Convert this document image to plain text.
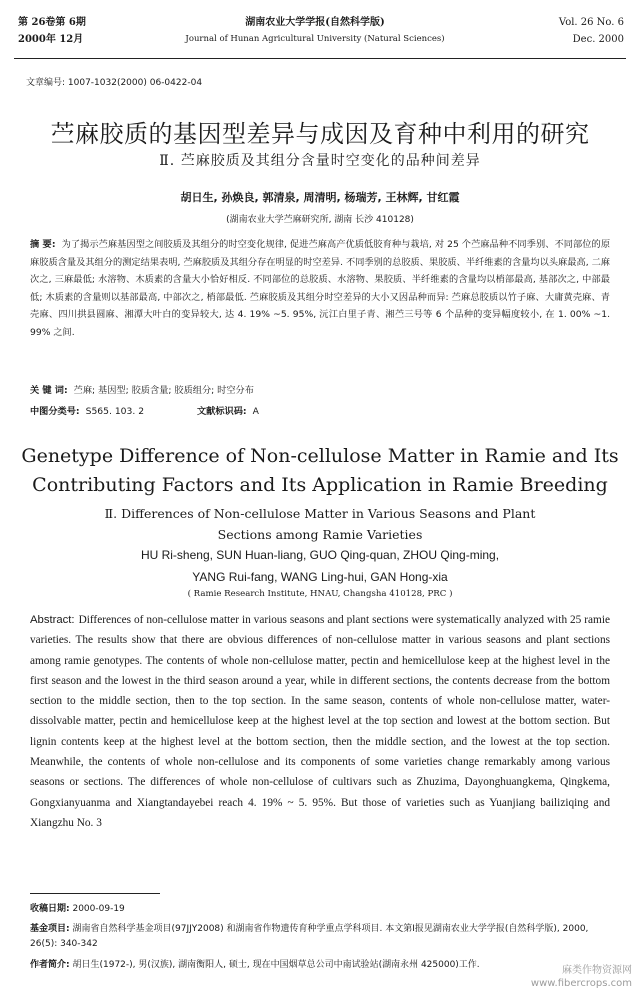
第 26卷第 6期
2000年 12月
湖南农业大学学报(自然科学版)
Journal of Hunan Agricultural University (Natural Sciences)
Vol. 26 No. 6
Dec. 2000
文章编号: 1007-1032(2000) 06-0422-04
苎麻胶质的基因型差异与成因及育种中利用的研究
Ⅱ. 苎麻胶质及其组分含量时空变化的品种间差异
胡日生, 孙焕良, 郭清泉, 周清明, 杨瑞芳, 王林辉, 甘红霞
(湖南农业大学苎麻研究所, 湖南 长沙 410128)
摘 要: 为了揭示苎麻基因型之间胶质及其组分的时空变化规律, 促进苎麻高产优质低胶育种与栽培, 对 25 个苎麻品种不同季别、不同部位的原麻胶质含量及其组分的测定结果表明, 苎麻胶质及其组分存在明显的时空差异. 不同季别的总胶质、果胶质、半纤维素的含量均以头麻最高, 二麻次之, 三麻最低; 水溶物、木质素的含量大小恰好相反. 不同部位的总胶质、水溶物、果胶质、半纤维素的含量均以梢部最高, 基部次之, 中部最低; 木质素的含量则以基部最高, 中部次之, 梢部最低. 苎麻胶质及其组分时空差异的大小又因品种而异: 苎麻总胶质以竹子麻、大庸黄壳麻、青壳麻、四川拱县圆麻、湘潭大叶白的变异较大, 达 4. 19% ~5. 95%, 沅江白里子青、湘苎三号等 6 个品种的变异幅度较小, 在 1. 00% ~1. 99% 之间.
关 键 词: 苎麻; 基因型; 胶质含量; 胶质组分; 时空分布
中图分类号: S565. 103. 2	文献标识码: A
Genetype Difference of Non-cellulose Matter in Ramie and Its
Contributing Factors and Its Application in Ramie Breeding
Ⅱ. Differences of Non-cellulose Matter in Various Seasons and Plant
Sections among Ramie Varieties
HU Ri-sheng, SUN Huan-liang, GUO Qing-quan, ZHOU Qing-ming,
YANG Rui-fang, WANG Ling-hui, GAN Hong-xia
( Ramie Research Institute, HNAU, Changsha 410128, PRC )
Abstract: Differences of non-cellulose matter in various seasons and plant sections were systematically analyzed with 25 ramie varieties. The results show that there are obvious differences of non-cellulose matter in various seasons and plant sections among ramie genotypes. The contents of whole non-cellulose matter, pectin and hemicellulose keep at the highest level in the first season and the lowest in the third season around a year, while in different sections, the contents decrease from the bottom section to the middle section, then to the top section. In the same season, contents of whole non-cellulose matter, water-dissolvable matter, pectin and hemicellulose keep at the highest level at the top section and lowest at the bottom section. But lignin contents keep at the highest level at the bottom section, then the middle section, and the lowest at the top section. Meanwhile, the contents of whole non-cellulose and its components of some varieties change remarkably among various seasons or sections. The differences of whole non-cellulose of cultivars such as Zhuzima, Dayonghuangkema, Qingkema, Gongxianyuanma and Xiangtandayebei reach 4. 19% ~ 5. 95%. But those of varieties such as Yuanjiang bailiziqing and Xiangzhu No. 3
收稿日期: 2000-09-19
基金项目: 湖南省自然科学基金项目(97JJY2008) 和湖南省作物遗传育种学重点学科项目. 本文第Ⅰ报见湖南农业大学学报(自然科学版), 2000, 26(5): 340-342
作者简介: 胡日生(1972-), 男(汉族), 湖南衡阳人, 硕士, 现在中国烟草总公司中南试验站(湖南永州 425000)工作.	麻类作物资源网
www.fibercrops.com
